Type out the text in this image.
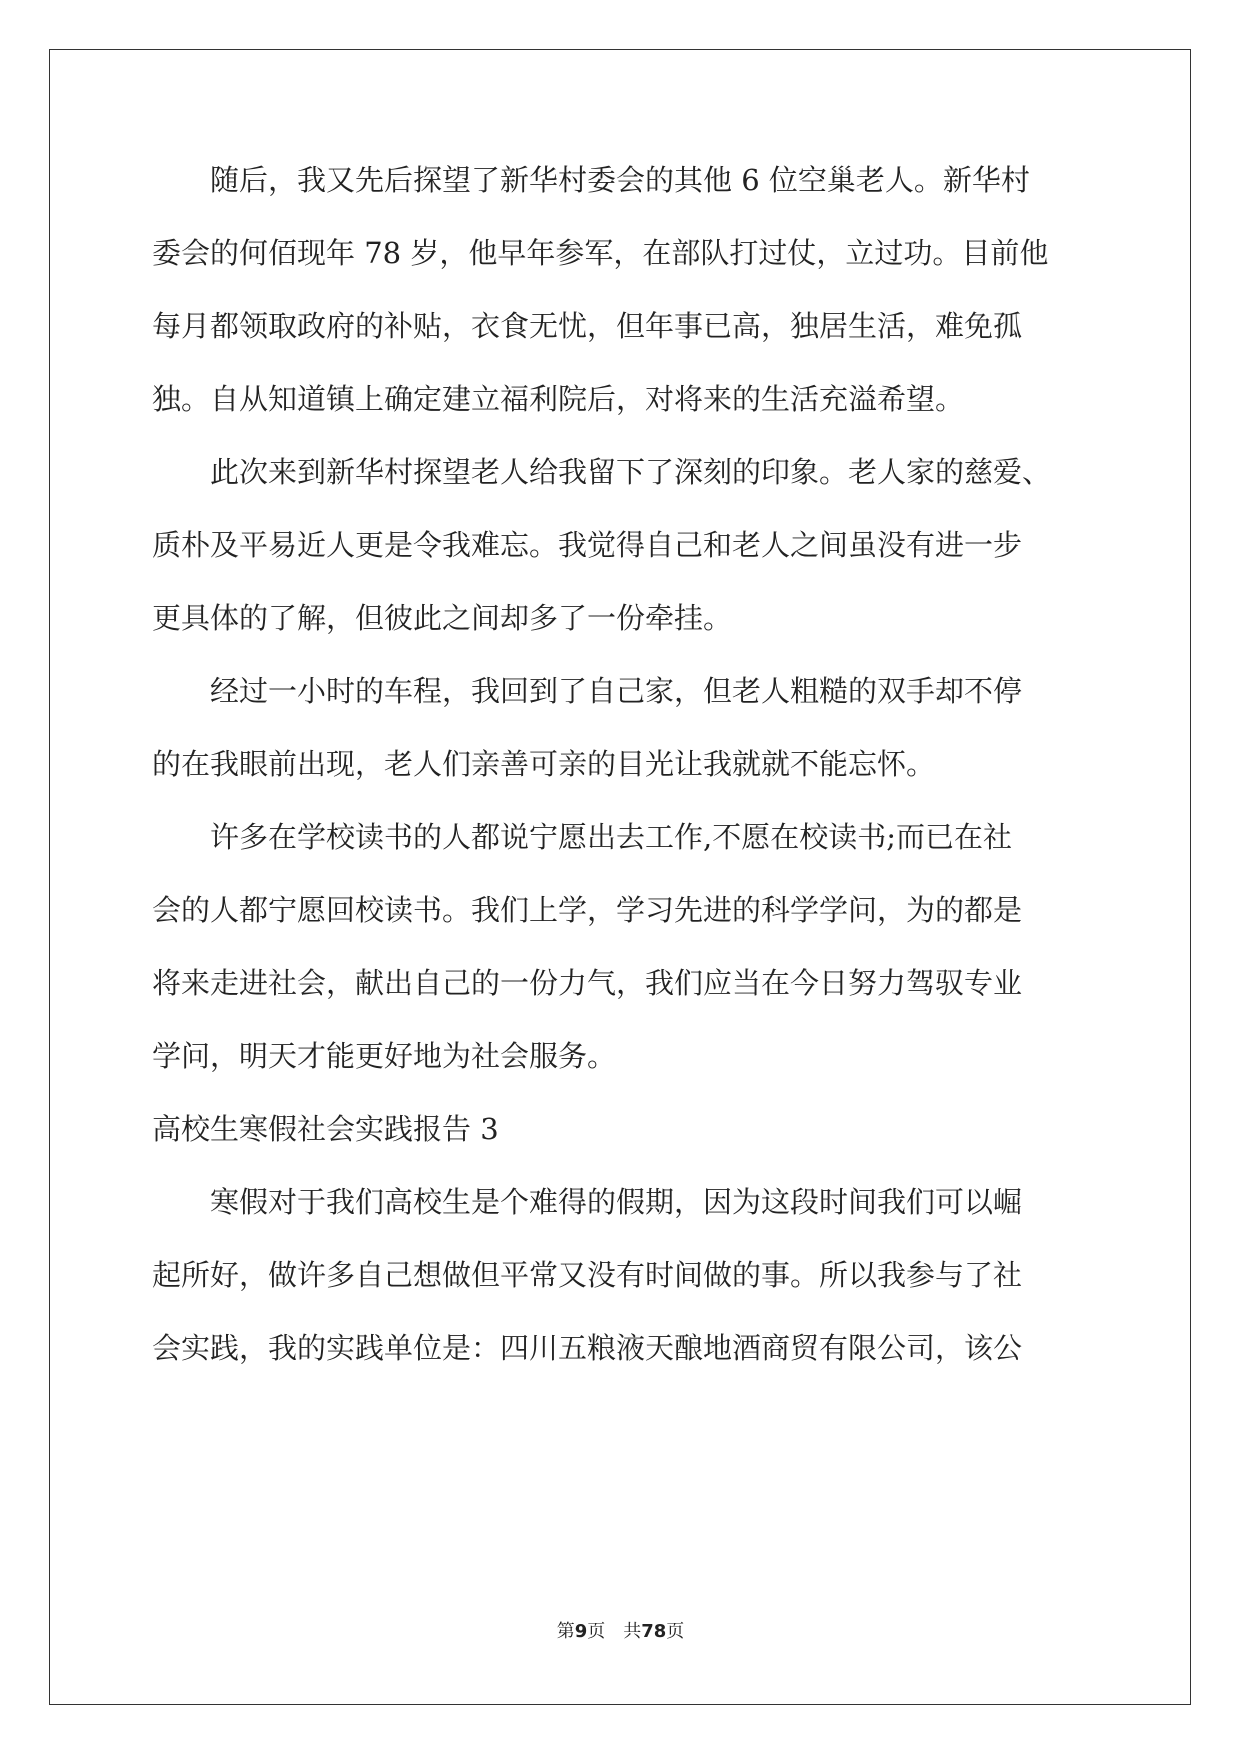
　　随后，我又先后探望了新华村委会的其他 6 位空巢老人。新华村
委会的何佰现年 78 岁，他早年参军，在部队打过仗，立过功。目前他
每月都领取政府的补贴，衣食无忧，但年事已高，独居生活，难免孤
独。自从知道镇上确定建立福利院后，对将来的生活充溢希望。
　　此次来到新华村探望老人给我留下了深刻的印象。老人家的慈爱、
质朴及平易近人更是令我难忘。我觉得自己和老人之间虽没有进一步
更具体的了解，但彼此之间却多了一份牵挂。
　　经过一小时的车程，我回到了自己家，但老人粗糙的双手却不停
的在我眼前出现，老人们亲善可亲的目光让我就就不能忘怀。
　　许多在学校读书的人都说宁愿出去工作,不愿在校读书;而已在社
会的人都宁愿回校读书。我们上学，学习先进的科学学问，为的都是
将来走进社会，献出自己的一份力气，我们应当在今日努力驾驭专业
学问，明天才能更好地为社会服务。
高校生寒假社会实践报告 3
　　寒假对于我们高校生是个难得的假期，因为这段时间我们可以崛
起所好，做许多自己想做但平常又没有时间做的事。所以我参与了社
会实践，我的实践单位是：四川五粮液天酿地酒商贸有限公司，该公
第9页 共78页
